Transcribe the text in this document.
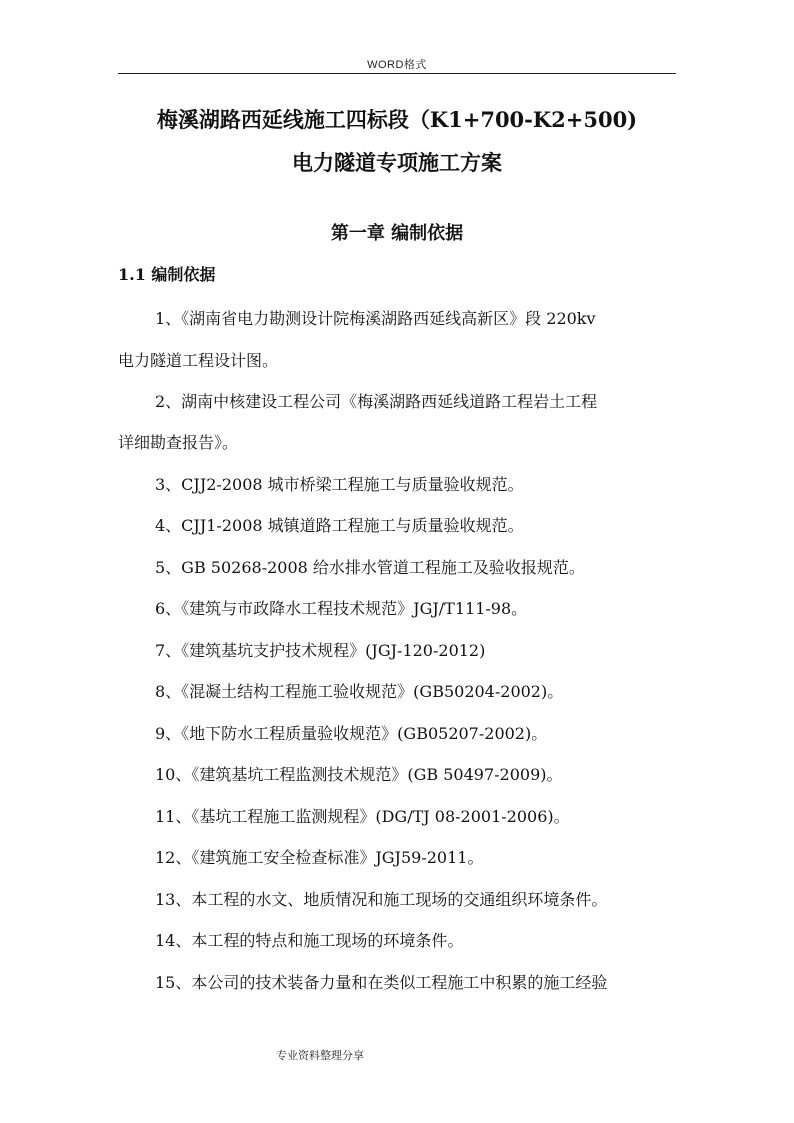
WORD格式
梅溪湖路西延线施工四标段（K1+700-K2+500)
电力隧道专项施工方案
第一章 编制依据
1.1 编制依据
1、《湖南省电力勘测设计院梅溪湖路西延线高新区》段 220kv
电力隧道工程设计图。
2、湖南中核建设工程公司《梅溪湖路西延线道路工程岩土工程
详细勘查报告》。
3、CJJ2-2008 城市桥梁工程施工与质量验收规范。
4、CJJ1-2008 城镇道路工程施工与质量验收规范。
5、GB 50268-2008 给水排水管道工程施工及验收报规范。
6、《建筑与市政降水工程技术规范》JGJ/T111-98。
7、《建筑基坑支护技术规程》(JGJ-120-2012)
8、《混凝土结构工程施工验收规范》(GB50204-2002)。
9、《地下防水工程质量验收规范》(GB05207-2002)。
10、《建筑基坑工程监测技术规范》(GB 50497-2009)。
11、《基坑工程施工监测规程》(DG/TJ 08-2001-2006)。
12、《建筑施工安全检查标准》JGJ59-2011。
13、本工程的水文、地质情况和施工现场的交通组织环境条件。
14、本工程的特点和施工现场的环境条件。
15、本公司的技术装备力量和在类似工程施工中积累的施工经验
专业资料整理分享
